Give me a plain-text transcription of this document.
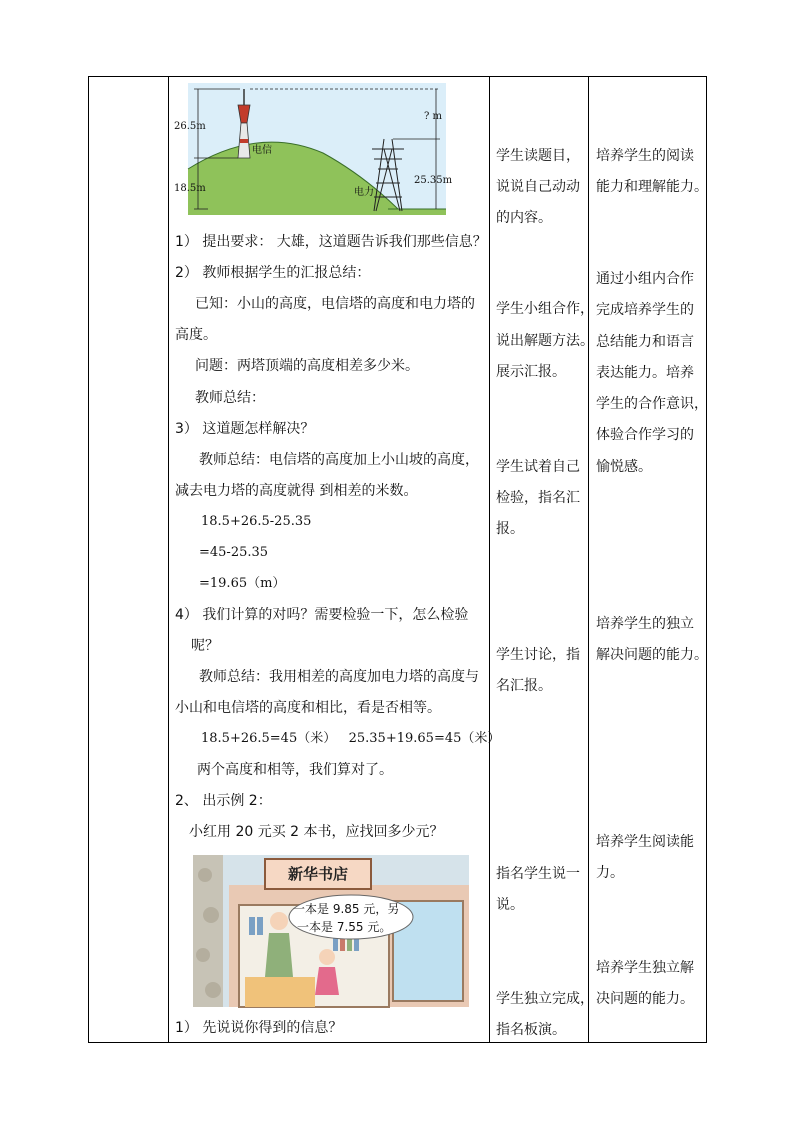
26.5m
18.5m
? m
25.35m
电信
电力
1） 提出要求： 大雄，这道题告诉我们那些信息？
2） 教师根据学生的汇报总结：
已知：小山的高度，电信塔的高度和电力塔的
高度。
问题：两塔顶端的高度相差多少米。
教师总结：
3） 这道题怎样解决？
教师总结：电信塔的高度加上小山坡的高度，
减去电力塔的高度就得 到相差的米数。
18.5+26.5-25.35
=45-25.35
=19.65（m）
4） 我们计算的对吗？需要检验一下，怎么检验
呢？
教师总结：我用相差的高度加电力塔的高度与
小山和电信塔的高度和相比，看是否相等。
18.5+26.5=45（米）   25.35+19.65=45（米）
两个高度和相等，我们算对了。
2、 出示例 2：
小红用 20 元买 2 本书，应找回多少元？
1） 先说说你得到的信息？
新华书店
一本是 9.85 元，另
一本是 7.55 元。
学生读题目，
说说自己动动
的内容。
学生小组合作，
说出解题方法。
展示汇报。
学生试着自己
检验，指名汇
报。
学生讨论，指
名汇报。
指名学生说一
说。
学生独立完成，
指名板演。
培养学生的阅读
能力和理解能力。
通过小组内合作
完成培养学生的
总结能力和语言
表达能力。培养
学生的合作意识，
体验合作学习的
愉悦感。
培养学生的独立
解决问题的能力。
培养学生阅读能
力。
培养学生独立解
决问题的能力。
